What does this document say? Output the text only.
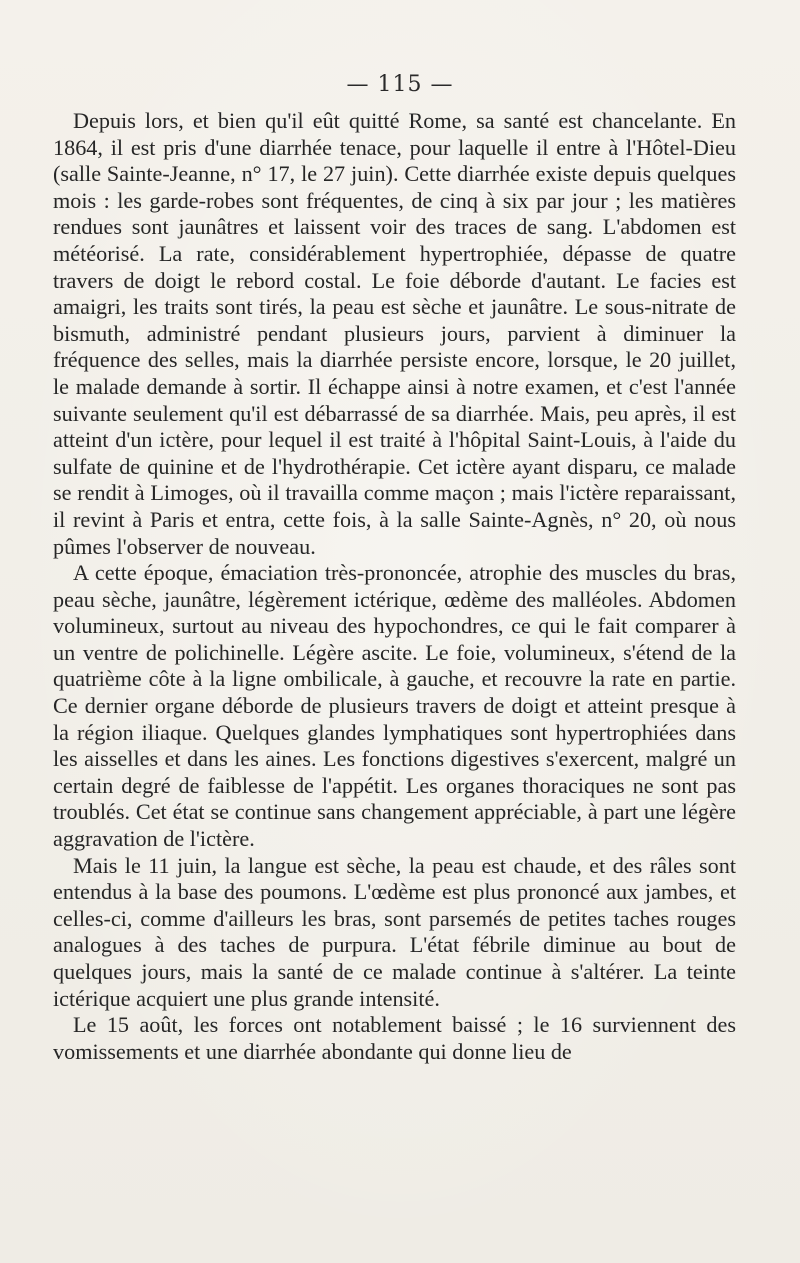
— 115 —

Depuis lors, et bien qu'il eût quitté Rome, sa santé est chancelante. En 1864, il est pris d'une diarrhée tenace, pour laquelle il entre à l'Hôtel-Dieu (salle Sainte-Jeanne, n° 17, le 27 juin). Cette diarrhée existe depuis quelques mois : les garde-robes sont fréquentes, de cinq à six par jour ; les matières rendues sont jaunâtres et laissent voir des traces de sang. L'abdomen est météorisé. La rate, considérablement hypertrophiée, dépasse de quatre travers de doigt le rebord costal. Le foie déborde d'autant. Le facies est amaigri, les traits sont tirés, la peau est sèche et jaunâtre. Le sous-nitrate de bismuth, administré pendant plusieurs jours, parvient à diminuer la fréquence des selles, mais la diarrhée persiste encore, lorsque, le 20 juillet, le malade demande à sortir. Il échappe ainsi à notre examen, et c'est l'année suivante seulement qu'il est débarrassé de sa diarrhée. Mais, peu après, il est atteint d'un ictère, pour lequel il est traité à l'hôpital Saint-Louis, à l'aide du sulfate de quinine et de l'hydrothérapie. Cet ictère ayant disparu, ce malade se rendit à Limoges, où il travailla comme maçon ; mais l'ictère reparaissant, il revint à Paris et entra, cette fois, à la salle Sainte-Agnès, n° 20, où nous pûmes l'observer de nouveau.

A cette époque, émaciation très-prononcée, atrophie des muscles du bras, peau sèche, jaunâtre, légèrement ictérique, œdème des malléoles. Abdomen volumineux, surtout au niveau des hypochondres, ce qui le fait comparer à un ventre de polichinelle. Légère ascite. Le foie, volumineux, s'étend de la quatrième côte à la ligne ombilicale, à gauche, et recouvre la rate en partie. Ce dernier organe déborde de plusieurs travers de doigt et atteint presque à la région iliaque. Quelques glandes lymphatiques sont hypertrophiées dans les aisselles et dans les aines. Les fonctions digestives s'exercent, malgré un certain degré de faiblesse de l'appétit. Les organes thoraciques ne sont pas troublés. Cet état se continue sans changement appréciable, à part une légère aggravation de l'ictère.

Mais le 11 juin, la langue est sèche, la peau est chaude, et des râles sont entendus à la base des poumons. L'œdème est plus prononcé aux jambes, et celles-ci, comme d'ailleurs les bras, sont parsemés de petites taches rouges analogues à des taches de purpura. L'état fébrile diminue au bout de quelques jours, mais la santé de ce malade continue à s'altérer. La teinte ictérique acquiert une plus grande intensité.

Le 15 août, les forces ont notablement baissé ; le 16 surviennent des vomissements et une diarrhée abondante qui donne lieu de
